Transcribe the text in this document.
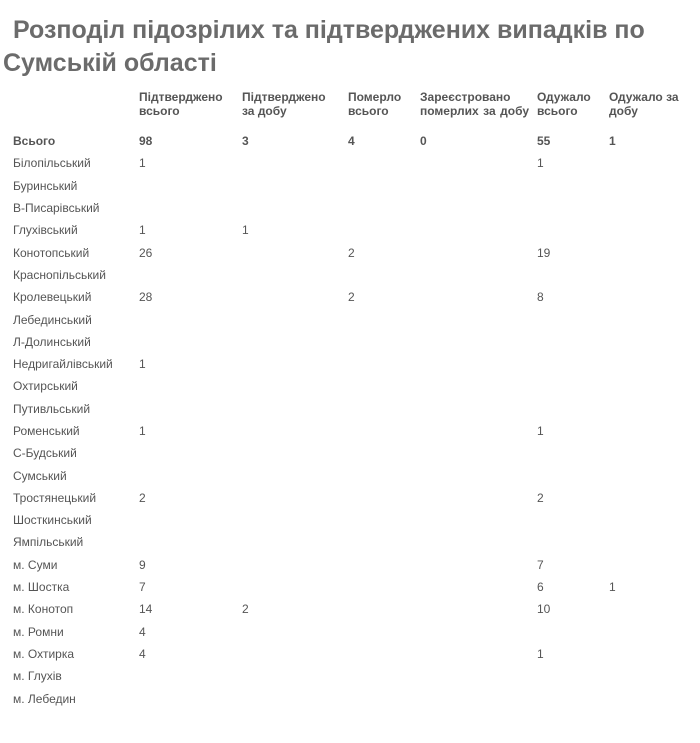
Розподіл підозрілих та підтверджених випадків по
Сумській області
	Підтверджено всього	Підтверджено за добу	Померло всього	Зареєстровано померлих за добу	Одужало всього	Одужало за добу
Всього	98	3	4	0	55	1
Білопільський	1				1	
Буринський						
В-Писарівський						
Глухівський	1	1				
Конотопський	26		2		19	
Краснопільський						
Кролевецький	28		2		8	
Лебединський						
Л-Долинський						
Недригайлівський	1					
Охтирський						
Путивльський						
Роменський	1				1	
С-Будський						
Сумський						
Тростянецький	2				2	
Шосткинський						
Ямпільський						
м. Суми	9				7	
м. Шостка	7				6	1
м. Конотоп	14	2			10	
м. Ромни	4					
м. Охтирка	4				1	
м. Глухів						
м. Лебедин						
